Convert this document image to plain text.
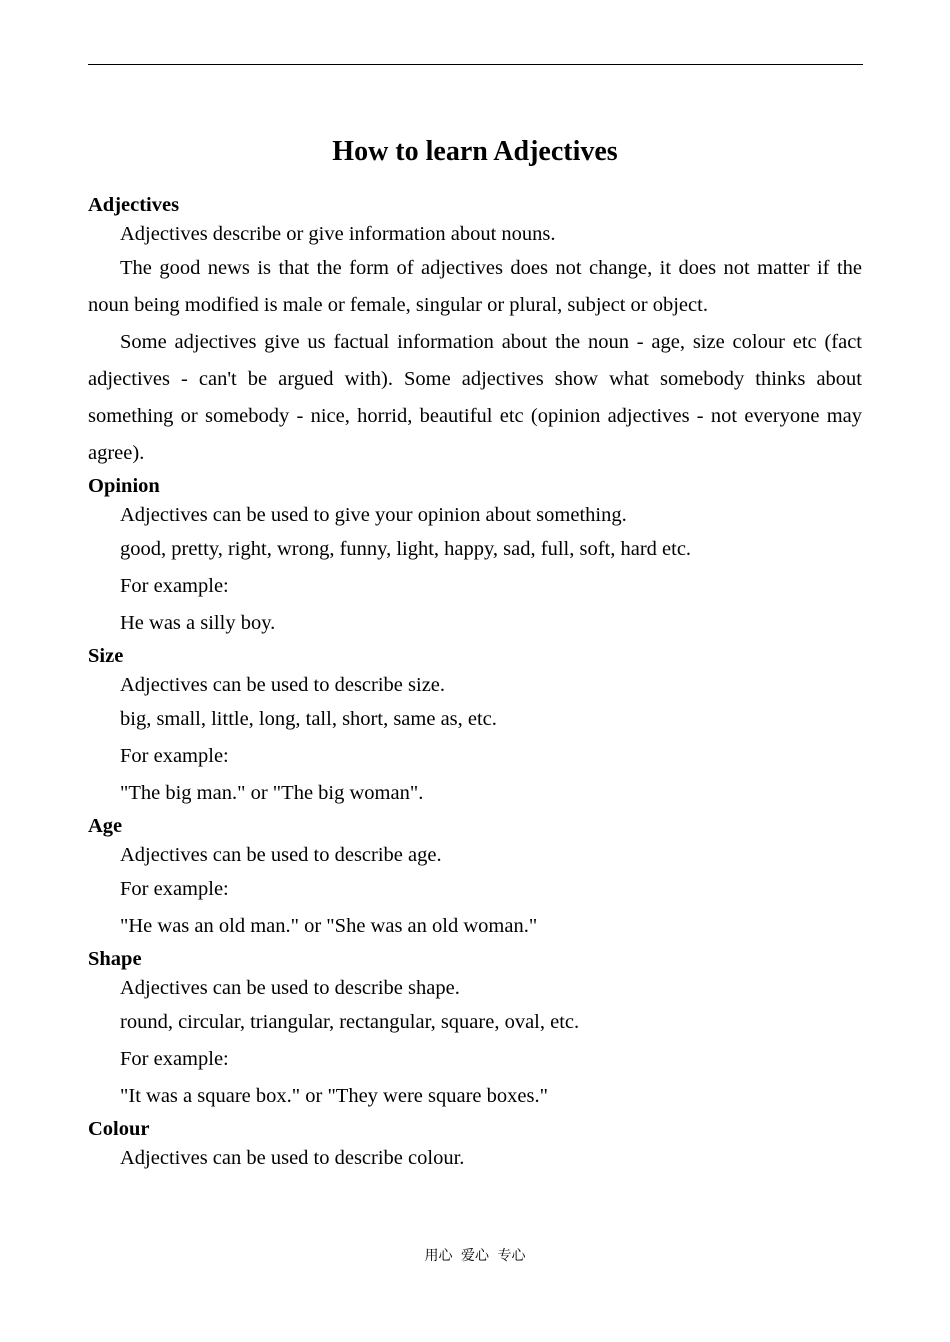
How to learn Adjectives
Adjectives

Adjectives describe or give information about nouns.

The good news is that the form of adjectives does not change, it does not matter if the noun being modified is male or female, singular or plural, subject or object.

Some adjectives give us factual information about the noun - age, size colour etc (fact adjectives - can't be argued with). Some adjectives show what somebody thinks about something or somebody - nice, horrid, beautiful etc (opinion adjectives - not everyone may agree).

Opinion

Adjectives can be used to give your opinion about something.

good, pretty, right, wrong, funny, light, happy, sad, full, soft, hard etc.

For example:

He was a silly boy.

Size

Adjectives can be used to describe size.

big, small, little, long, tall, short, same as, etc.

For example:

"The big man." or "The big woman".

Age

Adjectives can be used to describe age.

For example:

"He was an old man." or "She was an old woman."

Shape

Adjectives can be used to describe shape.

round, circular, triangular, rectangular, square, oval, etc.

For example:

"It was a square box." or "They were square boxes."

Colour

Adjectives can be used to describe colour.

用心 爱心 专心
